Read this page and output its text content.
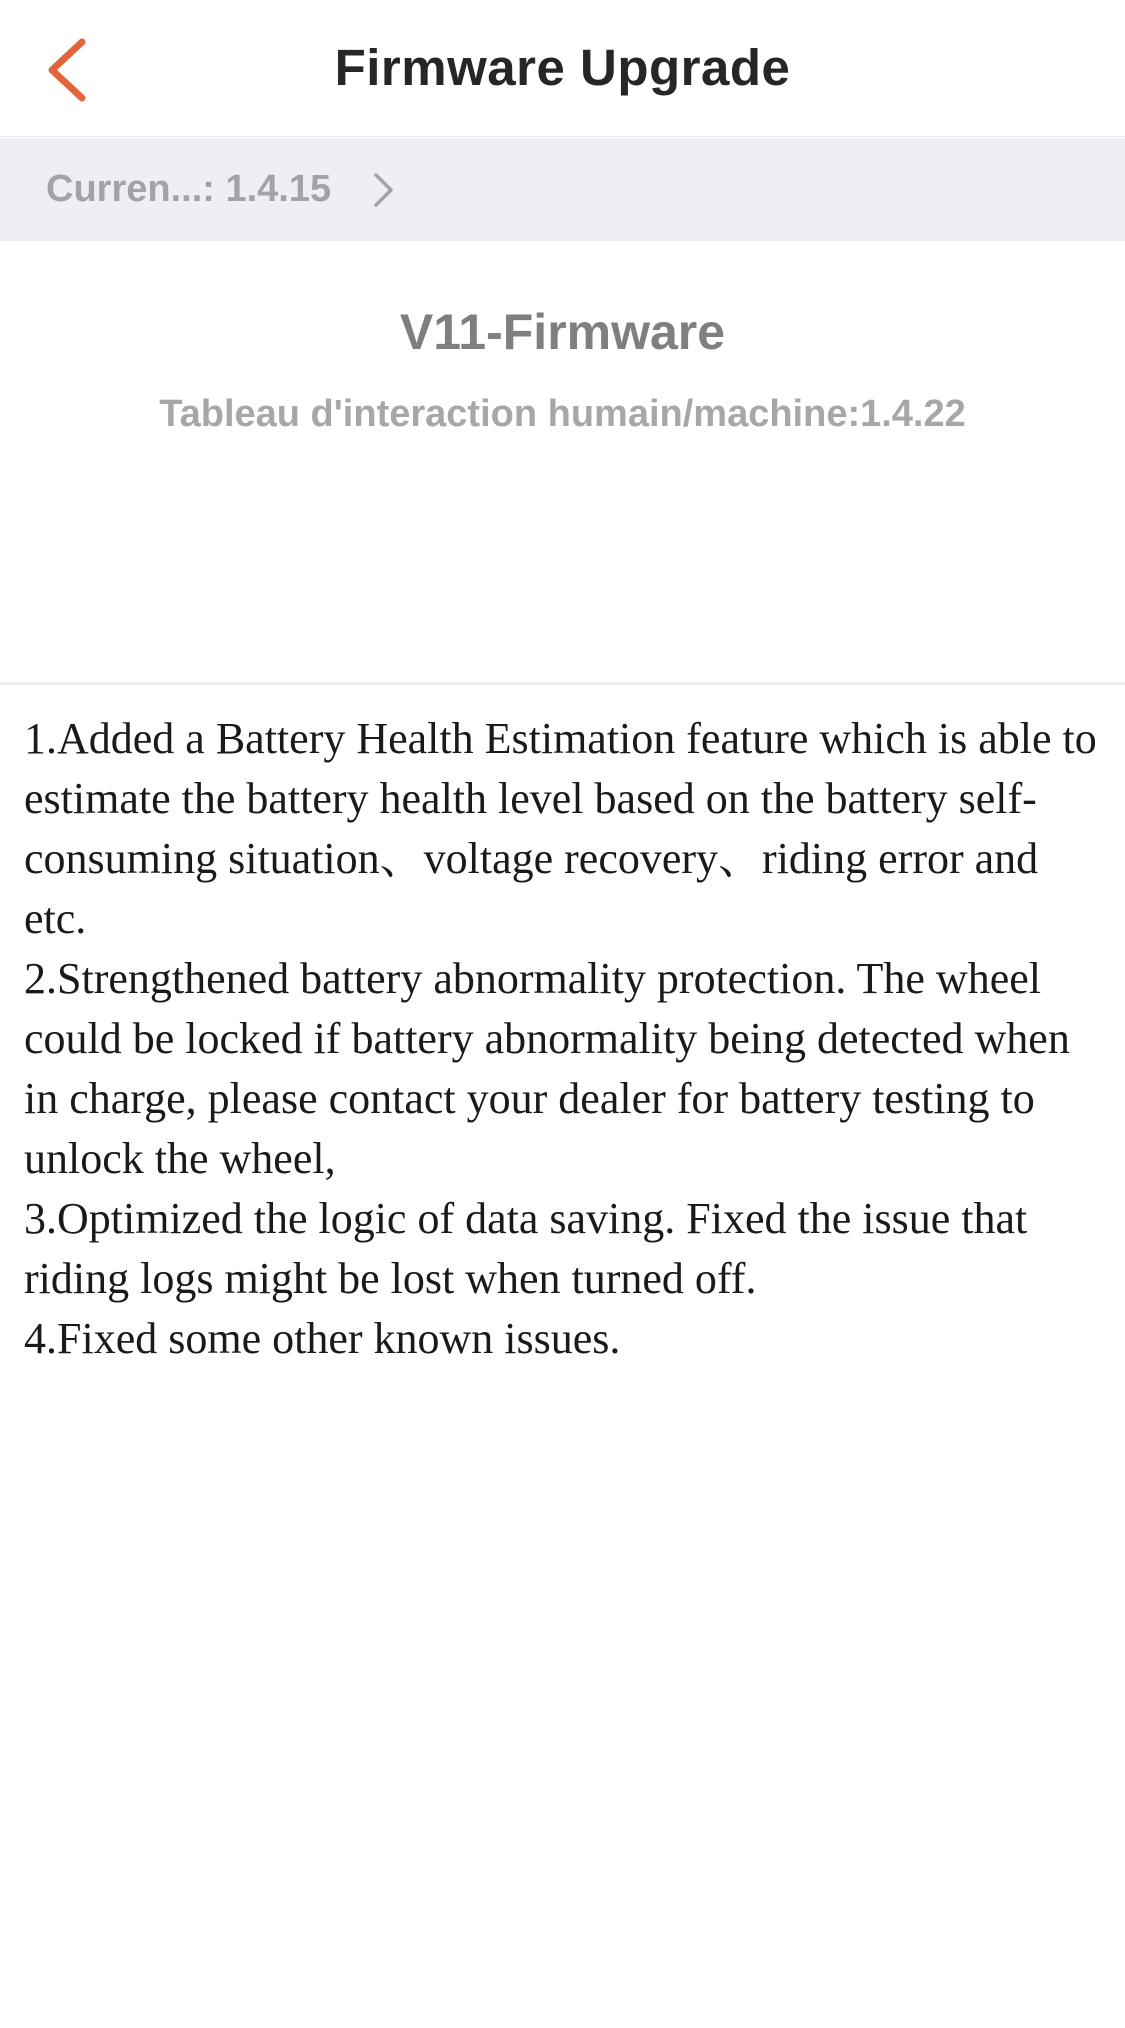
Firmware Upgrade
Curren...: 1.4.15
V11-Firmware
Tableau d'interaction humain/machine:1.4.22

1.Added a Battery Health Estimation feature which is able to estimate the battery health level based on the battery self-consuming situation、voltage recovery、riding error and etc.

2.Strengthened battery abnormality protection. The wheel could be locked if battery abnormality being detected when in charge, please contact your dealer for battery testing to unlock the wheel,

3.Optimized the logic of data saving. Fixed the issue that riding logs might be lost when turned off.

4.Fixed some other known issues.
